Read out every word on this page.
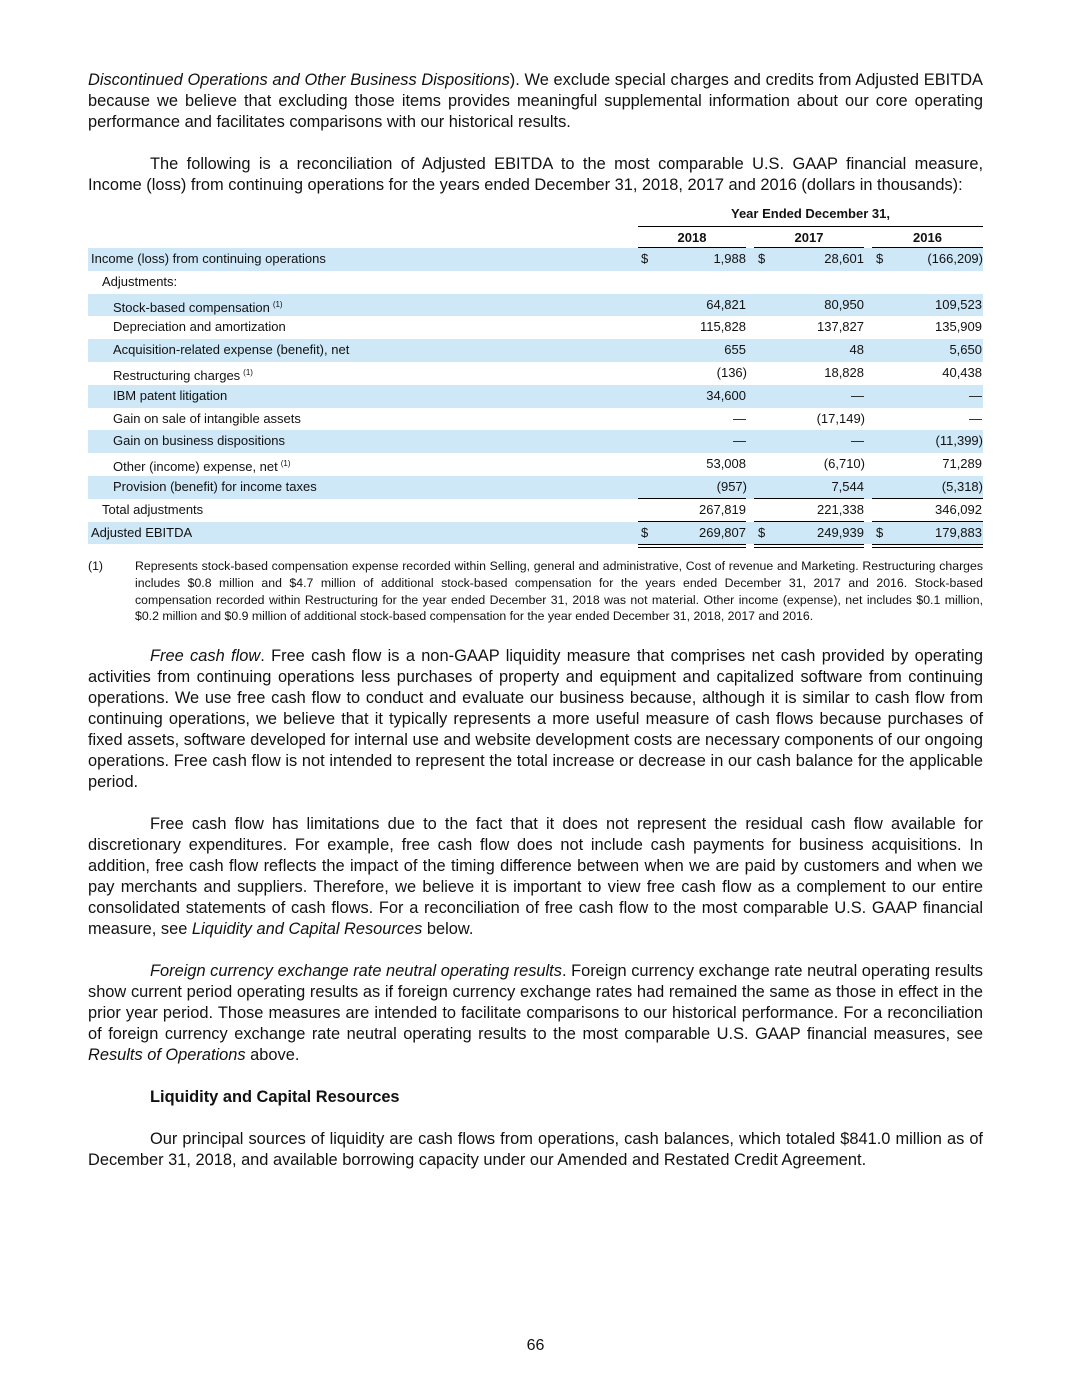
Discontinued Operations and Other Business Dispositions). We exclude special charges and credits from Adjusted EBITDA because we believe that excluding those items provides meaningful supplemental information about our core operating performance and facilitates comparisons with our historical results.

The following is a reconciliation of Adjusted EBITDA to the most comparable U.S. GAAP financial measure, Income (loss) from continuing operations for the years ended December 31, 2018, 2017 and 2016 (dollars in thousands):

Year Ended December 31,
2018	2017	2016
Income (loss) from continuing operations	$	1,988 $	28,601 $	(166,209)
Adjustments:
Stock-based compensation $^{(1)}$	64,821	80,950	109,523
Depreciation and amortization	115,828	137,827	135,909
Acquisition-related expense (benefit), net	655	48	5,650
Restructuring charges $^{(1)}$	(136)	18,828	40,438
IBM patent litigation	34,600	—	—
Gain on sale of intangible assets	—	(17,149)	—
Gain on business dispositions	—	—	(11,399)
Other (income) expense, net $^{(1)}$	53,008	(6,710)	71,289
Provision (benefit) for income taxes	(957)	7,544	(5,318)
Total adjustments	267,819	221,338	346,092
Adjusted EBITDA	$	269,807 $	249,939 $	179,883
(1)	Represents stock-based compensation expense recorded within Selling, general and administrative, Cost of revenue and Marketing. Restructuring charges includes $0.8 million and $4.7 million of additional stock-based compensation for the years ended December 31, 2017 and 2016. Stock-based compensation recorded within Restructuring for the year ended December 31, 2018 was not material. Other income (expense), net includes $0.1 million, $0.2 million and $0.9 million of additional stock-based compensation for the year ended December 31, 2018, 2017 and 2016.

Free cash flow. Free cash flow is a non-GAAP liquidity measure that comprises net cash provided by operating activities from continuing operations less purchases of property and equipment and capitalized software from continuing operations. We use free cash flow to conduct and evaluate our business because, although it is similar to cash flow from continuing operations, we believe that it typically represents a more useful measure of cash flows because purchases of fixed assets, software developed for internal use and website development costs are necessary components of our ongoing operations. Free cash flow is not intended to represent the total increase or decrease in our cash balance for the applicable period.

Free cash flow has limitations due to the fact that it does not represent the residual cash flow available for discretionary expenditures. For example, free cash flow does not include cash payments for business acquisitions. In addition, free cash flow reflects the impact of the timing difference between when we are paid by customers and when we pay merchants and suppliers. Therefore, we believe it is important to view free cash flow as a complement to our entire consolidated statements of cash flows. For a reconciliation of free cash flow to the most comparable U.S. GAAP financial measure, see Liquidity and Capital Resources below.

Foreign currency exchange rate neutral operating results. Foreign currency exchange rate neutral operating results show current period operating results as if foreign currency exchange rates had remained the same as those in effect in the prior year period. Those measures are intended to facilitate comparisons to our historical performance. For a reconciliation of foreign currency exchange rate neutral operating results to the most comparable U.S. GAAP financial measures, see Results of Operations above.

Liquidity and Capital Resources

Our principal sources of liquidity are cash flows from operations, cash balances, which totaled $841.0 million as of December 31, 2018, and available borrowing capacity under our Amended and Restated Credit Agreement.

66
